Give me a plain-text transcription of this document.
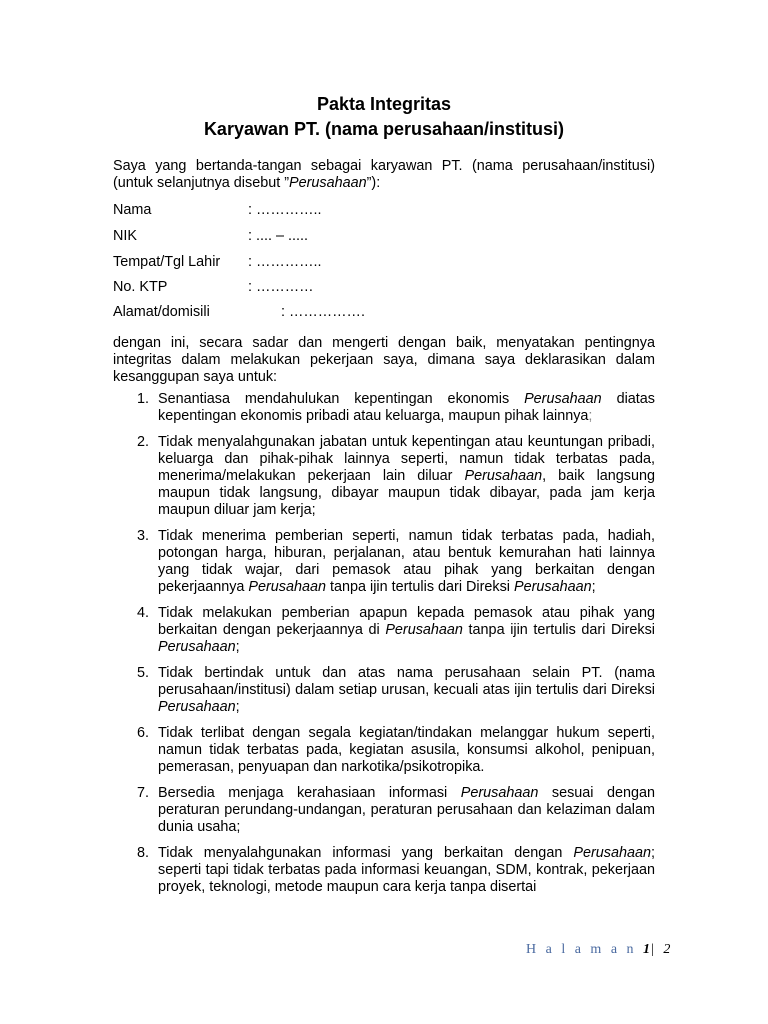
Pakta Integritas
Karyawan PT. (nama perusahaan/institusi)

Saya yang bertanda-tangan sebagai karyawan PT. (nama perusahaan/institusi) (untuk selanjutnya disebut ”Perusahaan”):

Nama	: …………..

NIK	: .... – .....

Tempat/Tgl Lahir : …………..

No. KTP	: …………

Alamat/domisili	: …………….

dengan ini, secara sadar dan mengerti dengan baik, menyatakan pentingnya integritas dalam melakukan pekerjaan saya, dimana saya deklarasikan dalam kesanggupan saya untuk:

1. Senantiasa mendahulukan kepentingan ekonomis Perusahaan diatas kepentingan ekonomis pribadi atau keluarga, maupun pihak lainnya;
2. Tidak menyalahgunakan jabatan untuk kepentingan atau keuntungan pribadi, keluarga dan pihak-pihak lainnya seperti, namun tidak terbatas pada, menerima/melakukan pekerjaan lain diluar Perusahaan, baik langsung maupun tidak langsung, dibayar maupun tidak dibayar, pada jam kerja maupun diluar jam kerja;
3. Tidak menerima pemberian seperti, namun tidak terbatas pada, hadiah, potongan harga, hiburan, perjalanan, atau bentuk kemurahan hati lainnya yang tidak wajar, dari pemasok atau pihak yang berkaitan dengan pekerjaannya Perusahaan tanpa ijin tertulis dari Direksi Perusahaan;
4. Tidak melakukan pemberian apapun kepada pemasok atau pihak yang berkaitan dengan pekerjaannya di Perusahaan tanpa ijin tertulis dari Direksi Perusahaan;
5. Tidak bertindak untuk dan atas nama perusahaan selain PT. (nama perusahaan/institusi) dalam setiap urusan, kecuali atas ijin tertulis dari Direksi Perusahaan;
6. Tidak terlibat dengan segala kegiatan/tindakan melanggar hukum seperti, namun tidak terbatas pada, kegiatan asusila, konsumsi alkohol, penipuan, pemerasan, penyuapan dan narkotika/psikotropika.
7. Bersedia menjaga kerahasiaan informasi Perusahaan sesuai dengan peraturan perundang-undangan, peraturan perusahaan dan kelaziman dalam dunia usaha;
8. Tidak menyalahgunakan informasi yang berkaitan dengan Perusahaan; seperti tapi tidak terbatas pada informasi keuangan, SDM, kontrak, pekerjaan proyek, teknologi, metode maupun cara kerja tanpa disertai
H a l a m a n 1| 2
